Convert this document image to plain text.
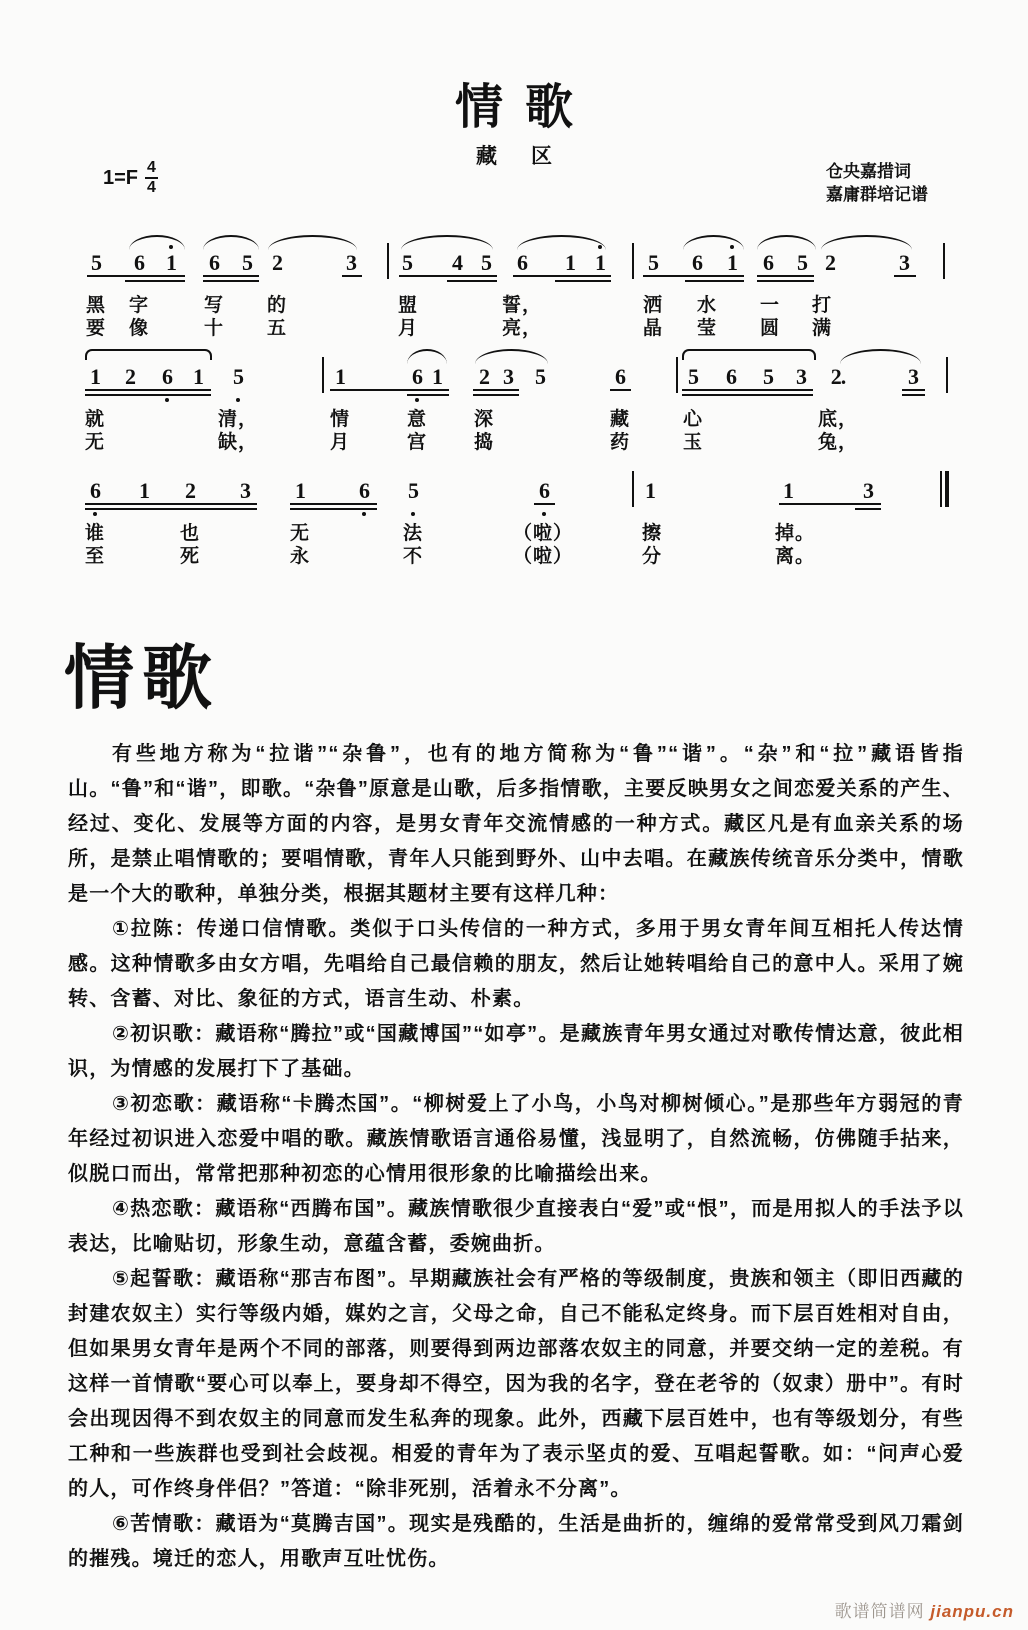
情歌
藏区
$1=F \frac{4}{4}$	仓央嘉措词
嘉庸群培记谱
5	6	1	6	5 2	3	5	4 5	6	1 1	5	6	1	6	5 2	3
黑	字	写	的	盟	誓，	洒	水	一	打
要	像	十	五	月	亮，	晶	莹	圆	满
1	2	6 1	5	1	6 1	2 3	5	6	5	6	5	3	2.	3
就	清，	情	意	深	藏	心	底，
无	缺，	月	宫	捣	药	玉	兔，
6	1	2	3	1	6	5	6	1	1	3
谁	也	无	法	（啦）	擦	掉。
至	死	永	不	（啦）	分	离。
情歌

有些地方称为“拉谐”“杂鲁”，也有的地方简称为“鲁”“谐”。“杂”和“拉”藏语皆指山。“鲁”和“谐”，即歌。“杂鲁”原意是山歌，后多指情歌，主要反映男女之间恋爱关系的产生、经过、变化、发展等方面的内容，是男女青年交流情感的一种方式。藏区凡是有血亲关系的场所，是禁止唱情歌的；要唱情歌，青年人只能到野外、山中去唱。在藏族传统音乐分类中，情歌是一个大的歌种，单独分类，根据其题材主要有这样几种：

①拉陈：传递口信情歌。类似于口头传信的一种方式，多用于男女青年间互相托人传达情感。这种情歌多由女方唱，先唱给自己最信赖的朋友，然后让她转唱给自己的意中人。采用了婉转、含蓄、对比、象征的方式，语言生动、朴素。

②初识歌：藏语称“腾拉”或“国藏博国”“如亭”。是藏族青年男女通过对歌传情达意，彼此相识，为情感的发展打下了基础。

③初恋歌：藏语称“卡腾杰国”。“柳树爱上了小鸟，小鸟对柳树倾心。”是那些年方弱冠的青年经过初识进入恋爱中唱的歌。藏族情歌语言通俗易懂，浅显明了，自然流畅，仿佛随手拈来，似脱口而出，常常把那种初恋的心情用很形象的比喻描绘出来。

④热恋歌：藏语称“西腾布国”。藏族情歌很少直接表白“爱”或“恨”，而是用拟人的手法予以表达，比喻贴切，形象生动，意蕴含蓄，委婉曲折。

⑤起誓歌：藏语称“那吉布图”。早期藏族社会有严格的等级制度，贵族和领主（即旧西藏的封建农奴主）实行等级内婚，媒妁之言，父母之命，自己不能私定终身。而下层百姓相对自由，但如果男女青年是两个不同的部落，则要得到两边部落农奴主的同意，并要交纳一定的差税。有这样一首情歌“要心可以奉上，要身却不得空，因为我的名字，登在老爷的（奴隶）册中”。有时会出现因得不到农奴主的同意而发生私奔的现象。此外，西藏下层百姓中，也有等级划分，有些工种和一些族群也受到社会歧视。相爱的青年为了表示坚贞的爱、互唱起誓歌。如：“问声心爱的人，可作终身伴侣？”答道：“除非死别，活着永不分离”。

⑥苦情歌：藏语为“莫腾吉国”。现实是残酷的，生活是曲折的，缠绵的爱常常受到风刀霜剑的摧残。境迁的恋人，用歌声互吐忧伤。

歌谱简谱网 jianpu.cn
